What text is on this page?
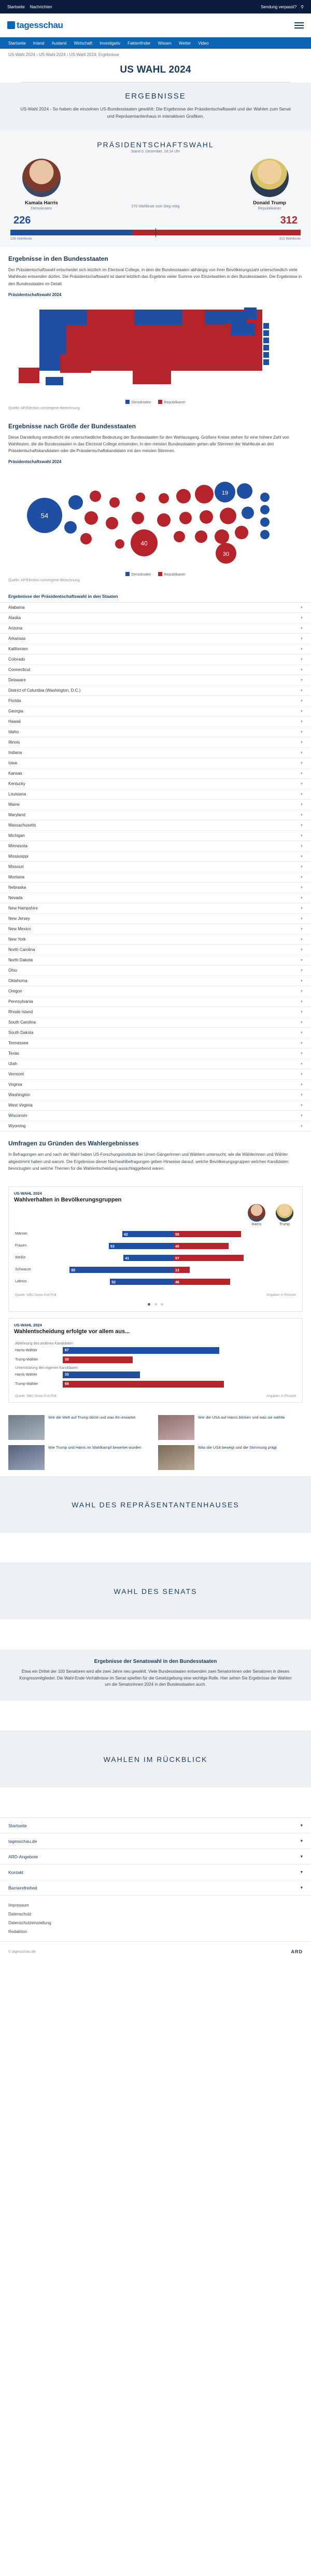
Startseite Nachrichten	Sendung verpasst? ⚲
tagesschau
Startseite Inland Ausland Wirtschaft Investigativ Faktenfinder Wissen Wetter Video
US-Wahl 2024 › US-Wahl 2024 › US-Wahl 2024: Ergebnisse
US WAHL 2024
ERGEBNISSE
US-Wahl 2024 - So haben die einzelnen US-Bundesstaaten gewählt: Die Ergebnisse der Präsidentschaftswahl und der Wahlen zum Senat und Repräsentantenhaus in interaktiven Grafiken.
PRÄSIDENTSCHAFTSWAHL
Stand 6. Dezember, 18:14 Uhr
Kamala Harris
Demokraten	270 Wahlleute zum Sieg nötig
Donald Trump
Republikaner
226	312
226 Wahlleute	312 Wahlleute
Ergebnisse in den Bundesstaaten

Der Präsidentschaftswahl entscheidet sich letztlich im Electoral College, in dem die Bundesstaaten abhängig von ihrer Bevölkerungszahl unterschiedlich viele Wahlleute entsenden dürfen. Die Präsidentschaftswahl ist damit letztlich das Ergebnis vieler Summe von Einzelwahlen in den Bundesstaaten. Die Ergebnisse in den Bundesstaaten im Detail:

Präsidentschaftswahl 2024
Demokraten	Republikaner
Quelle: AP/Election.com/eigene Berechnung
Ergebnisse nach Größe der Bundesstaaten

Diese Darstellung verdeutlicht die unterschiedliche Bedeutung der Bundesstaaten für den Wahlausgang. Größere Kreise stehen für eine höhere Zahl von Wahlleuten, die die Bundesstaaten in das Electoral College entsenden. In den meisten Bundesstaaten gehen alle Stimmen der Wahlleute an den Präsidentschaftskandidaten oder die Präsidentschaftskandidatin mit den meisten Stimmen.

Präsidentschaftswahl 2024
54
40
19
30
Demokraten	Republikaner
Quelle: AP/Election.com/eigene Berechnung
Ergebnisse der Präsidentschaftswahl in den Staaten
Alabama	▾
Alaska	▾
Arizona	▾
Arkansas	▾
Kalifornien	▾
Colorado	▾
Connecticut	▾
Delaware	▾
District of Columbia (Washington, D.C.)	▾
Florida	▾
Georgia	▾
Hawaii	▾
Idaho	▾
Illinois	▾
Indiana	▾
Iowa	▾
Kansas	▾
Kentucky	▾
Louisiana	▾
Maine	▾
Maryland	▾
Massachusetts	▾
Michigan	▾
Minnesota	▾
Mississippi	▾
Missouri	▾
Montana	▾
Nebraska	▾
Nevada	▾
New Hampshire	▾
New Jersey	▾
New Mexico	▾
New York	▾
North Carolina	▾
North Dakota	▾
Ohio	▾
Oklahoma	▾
Oregon	▾
Pennsylvania	▾
Rhode Island	▾
South Carolina	▾
South Dakota	▾
Tennessee	▾
Texas	▾
Utah	▾
Vermont	▾
Virginia	▾
Washington	▾
West Virginia	▾
Wisconsin	▾
Wyoming	▾
Umfragen zu Gründen des Wahlergebnisses

In Befragungen am und nach der Wahl haben US-Forschungsinstitute bei Urnen Gängerinnen und Wählern untersucht, wie die Wählerinnen und Wähler abgestimmt haben und warum. Die Ergebnisse dieser Nachwahlbefragungen geben Hinweise darauf, welche Bevölkerungsgruppen welchen Kandidaten bevorzugten und welche Themen für die Wahlentscheidung ausschlaggebend waren.

US-WAHL 2024
Wahlverhalten in Bevölkerungsgruppen
Harris	Trump
Männer	42	55
Frauen	53	45
Weiße	41	57
Schwarze	85	13
Latinos	52	46
Quelle: NBC News Exit Poll	Angaben in Prozent

US-WAHL 2024
Wahlentscheidung erfolgte vor allem aus...
Ablehnung des anderen Kandidaten
Harris-Wähler	67
Trump-Wähler	30
Unterstützung des eigenen Kandidaten
Harris-Wähler	33
Trump-Wähler	69
Quelle: NBC News Exit Poll	Angaben in Prozent
Wie die Welt auf Trump blickt und was ihn erwartet	Wie die USA auf Harris blicken und was sie wählte
Wie Trump und Harris im Wahlkampf bewertet wurden	Was die USA bewegt und die Stimmung prägt
WAHL DES REPRÄSENTANTENHAUSES
WAHL DES SENATS
Ergebnisse der Senatswahl in den Bundesstaaten

Etwa ein Drittel der 100 Senatoren wird alle zwei Jahre neu gewählt. Viele Bundesstaaten entsenden zwei Senatorinnen oder Senatoren in dieses Kongressmitglieder. Die Wahl-Ende-Verhältnisse im Senat spielten für die Gesetzgebung eine wichtige Rolle. Hier sehen Sie Ergebnisse der Wahlen um die Senatorinnen 2024 in den Bundesstaaten auch.

WAHLEN IM RÜCKBLICK
Startseite	▾
tagesschau.de	▾
ARD-Angebote	▾
Kontakt	▾
Barrierefreiheit	▾
Impressum
Datenschutz
Datenschutzeinstellung
Redaktion
© tagesschau.de	ARD
